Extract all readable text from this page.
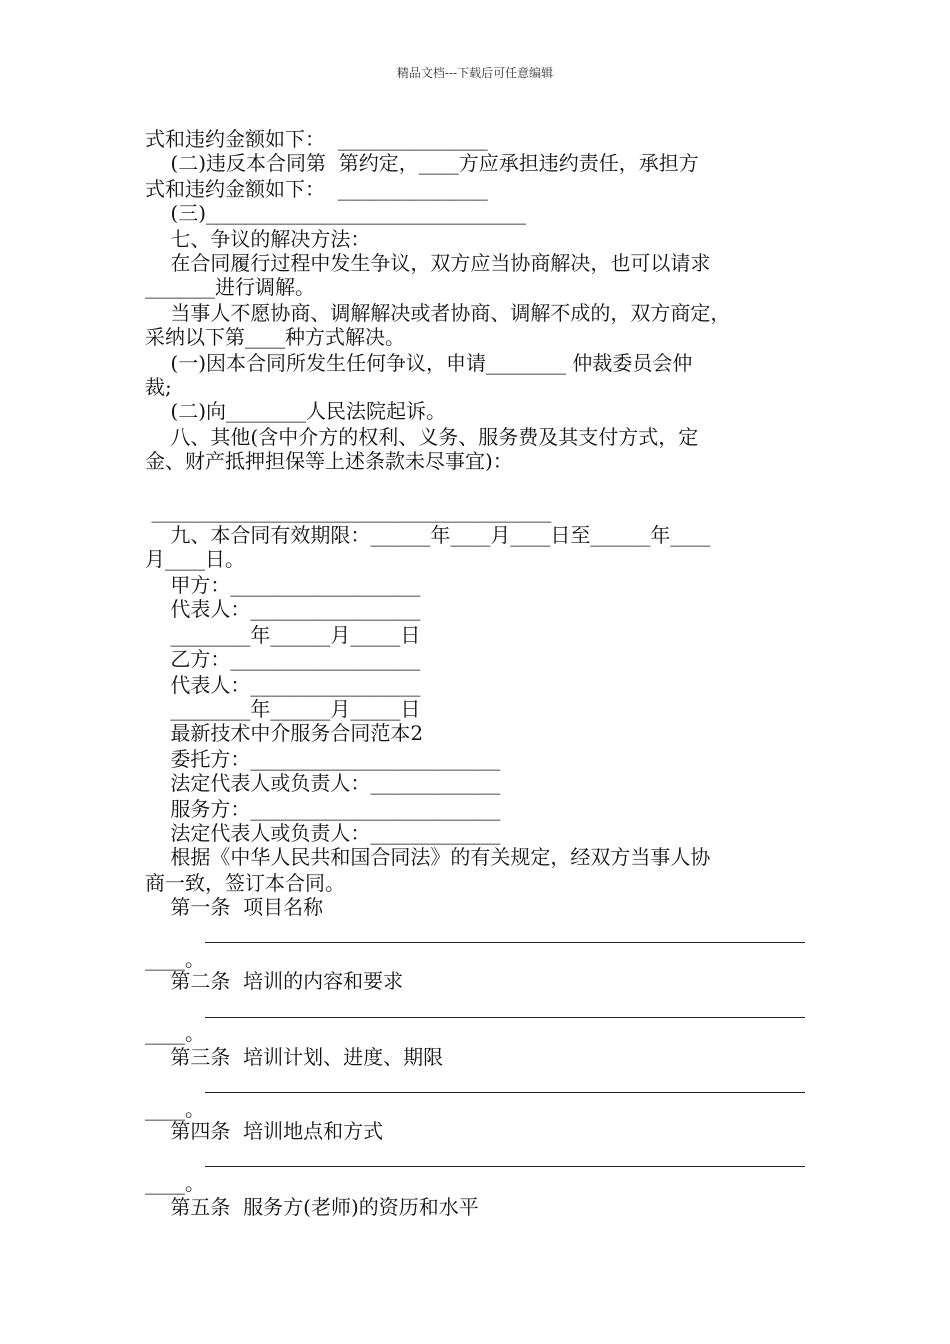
精品文档---下载后可任意编辑
式和违约金额如下：  _______________
(二)违反本合同第  第约定，____方应承担违约责任，承担方
式和违约金额如下：  _______________
(三)________________________________
七、争议的解决方法：
在合同履行过程中发生争议，双方应当协商解决，也可以请求
_______进行调解。
当事人不愿协商、调解解决或者协商、调解不成的，双方商定，
采纳以下第____种方式解决。
(一)因本合同所发生任何争议，申请________ 仲裁委员会仲
裁;
(二)向________人民法院起诉。
八、其他(含中介方的权利、义务、服务费及其支付方式，定
金、财产抵押担保等上述条款未尽事宜)：
________________________________________
九、本合同有效期限：______年____月____日至______年____
月____日。
甲方：___________________
代表人：_________________
________年______月_____日
乙方：___________________
代表人：_________________
________年______月_____日
最新技术中介服务合同范本2
委托方：_________________________
法定代表人或负责人：_____________
服务方：_________________________
法定代表人或负责人：_____________
根据《中华人民共和国合同法》的有关规定，经双方当事人协
商一致，签订本合同。
第一条  项目名称
____。
第二条  培训的内容和要求
____。
第三条  培训计划、进度、期限
____。
第四条  培训地点和方式
____。
第五条  服务方(老师)的资历和水平
